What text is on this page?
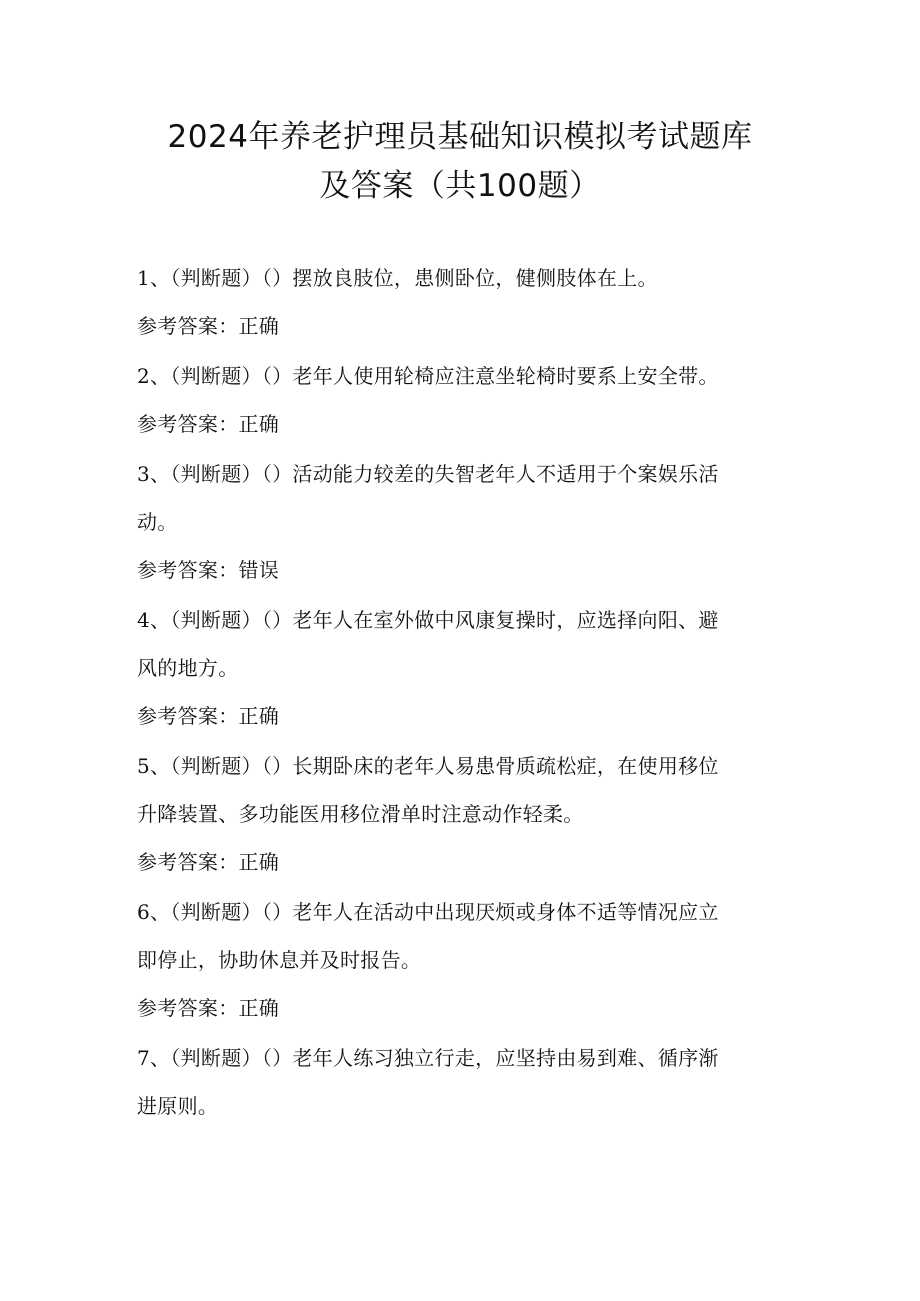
2024年养老护理员基础知识模拟考试题库
及答案（共100题）

1、（判断题）（）摆放良肢位，患侧卧位，健侧肢体在上。

参考答案：正确

2、（判断题）（）老年人使用轮椅应注意坐轮椅时要系上安全带。

参考答案：正确

3、（判断题）（）活动能力较差的失智老年人不适用于个案娱乐活

动。

参考答案：错误

4、（判断题）（）老年人在室外做中风康复操时，应选择向阳、避

风的地方。

参考答案：正确

5、（判断题）（）长期卧床的老年人易患骨质疏松症，在使用移位

升降装置、多功能医用移位滑单时注意动作轻柔。

参考答案：正确

6、（判断题）（）老年人在活动中出现厌烦或身体不适等情况应立

即停止，协助休息并及时报告。

参考答案：正确

7、（判断题）（）老年人练习独立行走，应坚持由易到难、循序渐

进原则。
